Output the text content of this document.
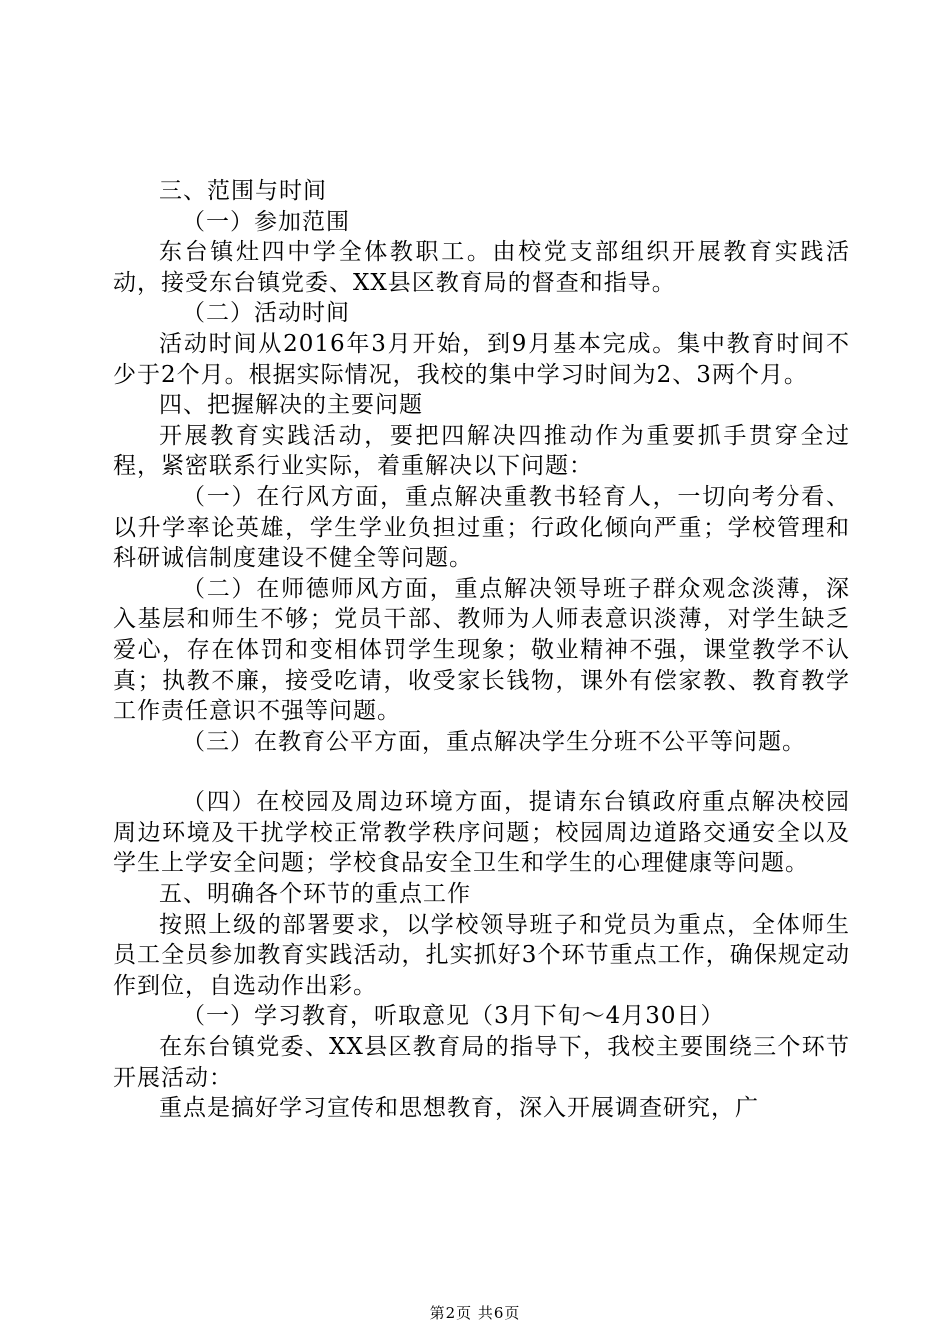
三、范围与时间

（一）参加范围

东台镇灶四中学全体教职工。由校党支部组织开展教育实践活动，接受东台镇党委、XX县区教育局的督查和指导。

（二）活动时间

活动时间从2016年3月开始，到9月基本完成。集中教育时间不少于2个月。根据实际情况，我校的集中学习时间为2、3两个月。

四、把握解决的主要问题

开展教育实践活动，要把四解决四推动作为重要抓手贯穿全过程，紧密联系行业实际，着重解决以下问题：

（一）在行风方面，重点解决重教书轻育人，一切向考分看、以升学率论英雄，学生学业负担过重；行政化倾向严重；学校管理和科研诚信制度建设不健全等问题。

（二）在师德师风方面，重点解决领导班子群众观念淡薄，深入基层和师生不够；党员干部、教师为人师表意识淡薄，对学生缺乏爱心，存在体罚和变相体罚学生现象；敬业精神不强，课堂教学不认真；执教不廉，接受吃请，收受家长钱物，课外有偿家教、教育教学工作责任意识不强等问题。

（三）在教育公平方面，重点解决学生分班不公平等问题。

（四）在校园及周边环境方面，提请东台镇政府重点解决校园周边环境及干扰学校正常教学秩序问题；校园周边道路交通安全以及学生上学安全问题；学校食品安全卫生和学生的心理健康等问题。

五、明确各个环节的重点工作

按照上级的部署要求，以学校领导班子和党员为重点，全体师生员工全员参加教育实践活动，扎实抓好3个环节重点工作，确保规定动作到位，自选动作出彩。

（一）学习教育，听取意见（3月下旬～4月30日）

在东台镇党委、XX县区教育局的指导下，我校主要围绕三个环节开展活动：

重点是搞好学习宣传和思想教育，深入开展调查研究，广

第2页 共6页
